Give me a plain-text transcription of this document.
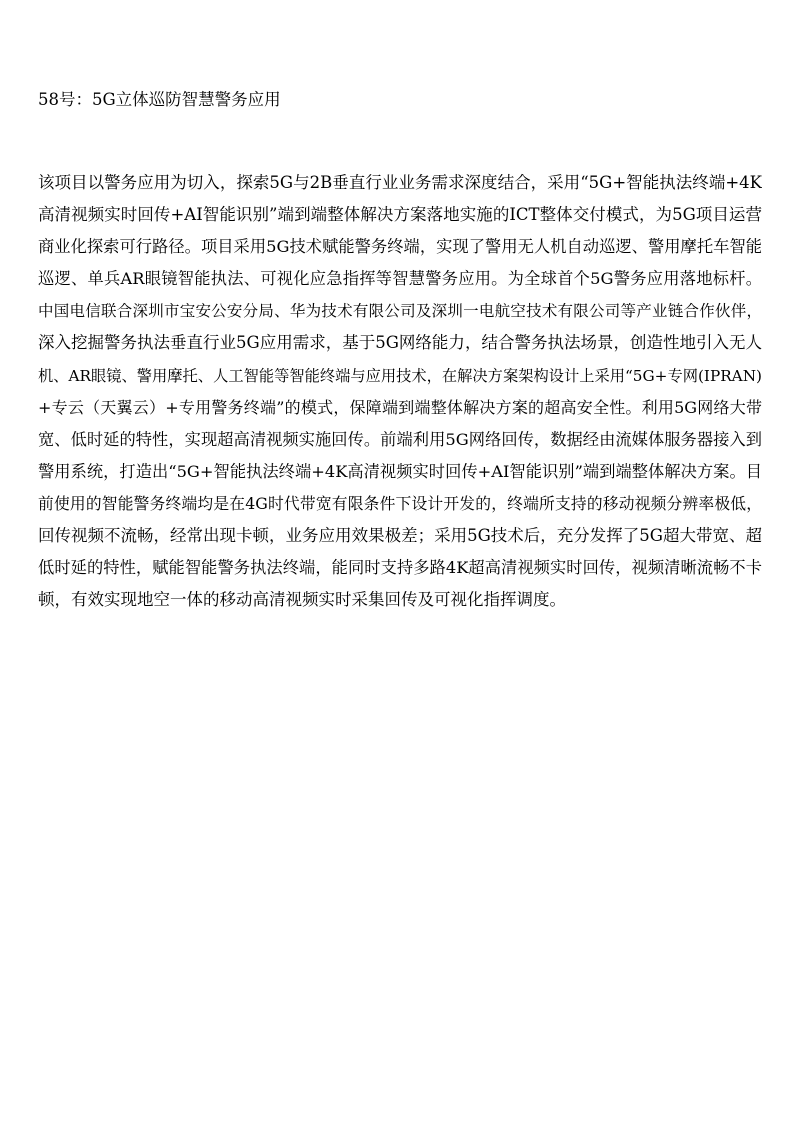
58号：5G立体巡防智慧警务应用
该项目以警务应用为切入，探索5G与2B垂直行业业务需求深度结合，采用“5G+智能执法终端+4K
高清视频实时回传+AI智能识别”端到端整体解决方案落地实施的ICT整体交付模式，为5G项目运营
商业化探索可行路径。项目采用5G技术赋能警务终端，实现了警用无人机自动巡逻、警用摩托车智能
巡逻、单兵AR眼镜智能执法、可视化应急指挥等智慧警务应用。为全球首个5G警务应用落地标杆。
中国电信联合深圳市宝安公安分局、华为技术有限公司及深圳一电航空技术有限公司等产业链合作伙伴，
深入挖掘警务执法垂直行业5G应用需求，基于5G网络能力，结合警务执法场景，创造性地引入无人
机、AR眼镜、警用摩托、人工智能等智能终端与应用技术，在解决方案架构设计上采用“5G+专网(IPRAN)
+专云（天翼云）+专用警务终端”的模式，保障端到端整体解决方案的超高安全性。利用5G网络大带
宽、低时延的特性，实现超高清视频实施回传。前端利用5G网络回传，数据经由流媒体服务器接入到
警用系统，打造出“5G+智能执法终端+4K高清视频实时回传+AI智能识别”端到端整体解决方案。目
前使用的智能警务终端均是在4G时代带宽有限条件下设计开发的，终端所支持的移动视频分辨率极低，
回传视频不流畅，经常出现卡顿，业务应用效果极差；采用5G技术后，充分发挥了5G超大带宽、超
低时延的特性，赋能智能警务执法终端，能同时支持多路4K超高清视频实时回传，视频清晰流畅不卡
顿，有效实现地空一体的移动高清视频实时采集回传及可视化指挥调度。
